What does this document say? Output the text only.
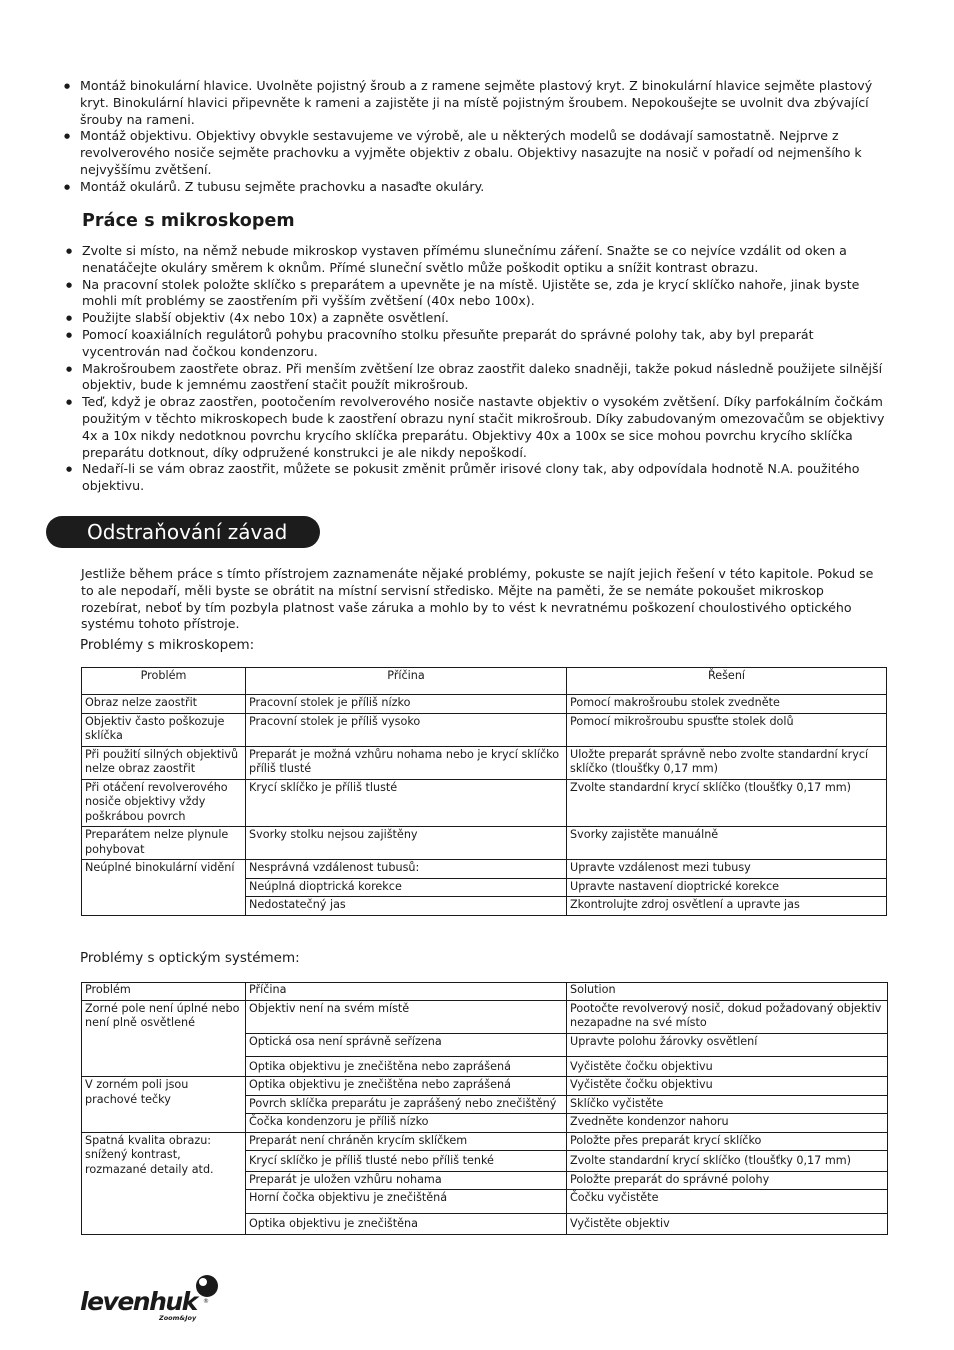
● Montáž binokulární hlavice. Uvolněte pojistný šroub a z ramene sejměte plastový kryt. Z binokulární hlavice sejměte plastový kryt. Binokulární hlavici připevněte k rameni a zajistěte ji na místě pojistným šroubem. Nepokoušejte se uvolnit dva zbývající šrouby na rameni.
● Montáž objektivu. Objektivy obvykle sestavujeme ve výrobě, ale u některých modelů se dodávají samostatně. Nejprve z revolverového nosiče sejměte prachovku a vyjměte objektiv z obalu. Objektivy nasazujte na nosič v pořadí od nejmenšího k nejvyššímu zvětšení.
● Montáž okulárů. Z tubusu sejměte prachovku a nasaďte okuláry.
Práce s mikroskopem
● Zvolte si místo, na němž nebude mikroskop vystaven přímému slunečnímu záření. Snažte se co nejvíce vzdálit od oken a nenatáčejte okuláry směrem k oknům. Přímé sluneční světlo může poškodit optiku a snížit kontrast obrazu.
● Na pracovní stolek položte sklíčko s preparátem a upevněte je na místě. Ujistěte se, zda je krycí sklíčko nahoře, jinak byste mohli mít problémy se zaostřením při vyšším zvětšení (40x nebo 100x).
● Použijte slabší objektiv (4x nebo 10x) a zapněte osvětlení.
● Pomocí koaxiálních regulátorů pohybu pracovního stolku přesuňte preparát do správné polohy tak, aby byl preparát vycentrován nad čočkou kondenzoru.
● Makrošroubem zaostřete obraz. Při menším zvětšení lze obraz zaostřit daleko snadněji, takže pokud následně použijete silnější objektiv, bude k jemnému zaostření stačit použít mikrošroub.
● Teď, když je obraz zaostřen, pootočením revolverového nosiče nastavte objektiv o vysokém zvětšení. Díky parfokálním čočkám použitým v těchto mikroskopech bude k zaostření obrazu nyní stačit mikrošroub. Díky zabudovaným omezovačům se objektivy 4x a 10x nikdy nedotknou povrchu krycího sklíčka preparátu. Objektivy 40x a 100x se sice mohou povrchu krycího sklíčka preparátu dotknout, díky odpružené konstrukci je ale nikdy nepoškodí.
● Nedaří-li se vám obraz zaostřit, můžete se pokusit změnit průměr irisové clony tak, aby odpovídala hodnotě N.A. použitého objektivu.
Odstraňování závad

Jestliže během práce s tímto přístrojem zaznamenáte nějaké problémy, pokuste se najít jejich řešení v této kapitole. Pokud se to ale nepodaří, měli byste se obrátit na místní servisní středisko. Mějte na paměti, že se nemáte pokoušet mikroskop rozebírat, neboť by tím pozbyla platnost vaše záruka a mohlo by to vést k nevratnému poškození choulostivého optického systému tohoto přístroje.

Problémy s mikroskopem:
Problém	Příčina	Řešení
Obraz nelze zaostřit	Pracovní stolek je příliš nízko	Pomocí makrošroubu stolek zvedněte
Objektiv často poškozuje sklíčka	Pracovní stolek je příliš vysoko	Pomocí mikrošroubu spusťte stolek dolů
Při použití silných objektivů nelze obraz zaostřit	Preparát je možná vzhůru nohama nebo je krycí sklíčko příliš tlusté	Uložte preparát správně nebo zvolte standardní krycí sklíčko (tloušťky 0,17 mm)
Při otáčení revolverového nosiče objektivy vždy poškrábou povrch	Krycí sklíčko je příliš tlusté	Zvolte standardní krycí sklíčko (tloušťky 0,17 mm)
Preparátem nelze plynule pohybovat	Svorky stolku nejsou zajištěny	Svorky zajistěte manuálně
Neúplné binokulární vidění	Nesprávná vzdálenost tubusů:	Upravte vzdálenost mezi tubusy
	Neúplná dioptrická korekce	Upravte nastavení dioptrické korekce
	Nedostatečný jas	Zkontrolujte zdroj osvětlení a upravte jas
Problémy s optickým systémem:
Problém	Příčina	Solution
Zorné pole není úplné nebo není plně osvětlené	Objektiv není na svém místě	Pootočte revolverový nosič, dokud požadovaný objektiv nezapadne na své místo
	Optická osa není správně seřízena	Upravte polohu žárovky osvětlení
	Optika objektivu je znečištěna nebo zaprášená	Vyčistěte čočku objektivu
V zorném poli jsou prachové tečky	Optika objektivu je znečištěna nebo zaprášená	Vyčistěte čočku objektivu
	Povrch sklíčka preparátu je zaprášený nebo znečištěný	Sklíčko vyčistěte
	Čočka kondenzoru je příliš nízko	Zvedněte kondenzor nahoru
Spatná kvalita obrazu: snížený kontrast, rozmazané detaily atd.	Preparát není chráněn krycím sklíčkem	Položte přes preparát krycí sklíčko
	Krycí sklíčko je příliš tlusté nebo příliš tenké	Zvolte standardní krycí sklíčko (tloušťky 0,17 mm)
	Preparát je uložen vzhůru nohama	Položte preparát do správné polohy
	Horní čočka objektivu je znečištěná	Čočku vyčistěte
	Optika objektivu je znečištěna	Vyčistěte objektiv
levenhuk
Zoom&Joy
®
